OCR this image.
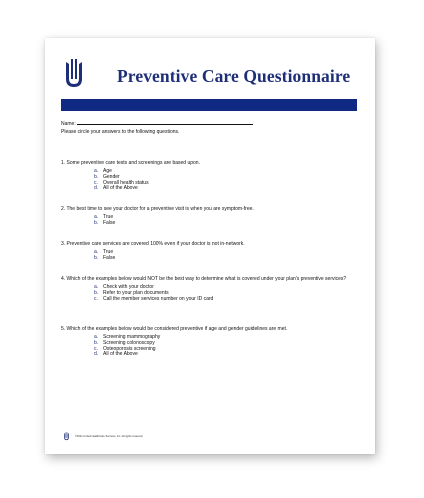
Preventive Care Questionnaire
Name:
Please circle your answers to the following questions.
1. Some preventive care tests and screenings are based upon.
a. Age
b. Gender
c. Overall health status
d. All of the Above
2. The best time to see your doctor for a preventive visit is when you are symptom-free.
a. True
b. False
3. Preventive care services are covered 100% even if your doctor is not in-network.
a. True
b. False
4. Which of the examples below would NOT be the best way to determine what is covered under your plan's preventive services?
a. Check with your doctor
b. Refer to your plan documents
c. Call the member services number on your ID card
5. Which of the examples below would be considered preventive if age and gender guidelines are met.
a. Screening mammography
b. Screening colonoscopy
c. Osteoporosis screening
d. All of the Above
©2021 United HealthCare Services, Inc. All rights reserved.
